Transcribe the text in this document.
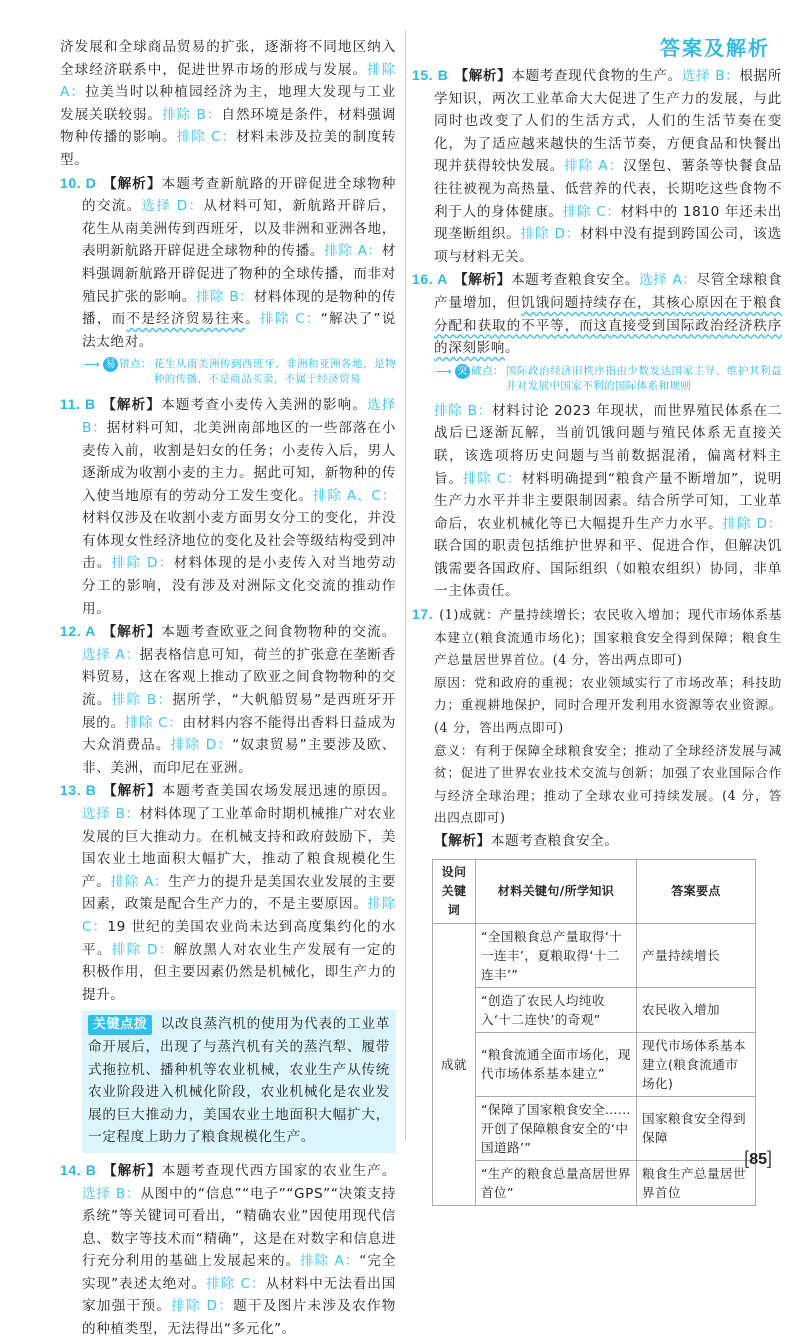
答案及解析

济发展和全球商品贸易的扩张，逐渐将不同地区纳入全球经济联系中，促进世界市场的形成与发展。排除 A：拉美当时以种植园经济为主，地理大发现与工业发展关联较弱。排除 B：自然环境是条件，材料强调物种传播的影响。排除 C：材料未涉及拉美的制度转型。

10. D 【解析】本题考查新航路的开辟促进全球物种的交流。选择 D：从材料可知，新航路开辟后，花生从南美洲传到西班牙，以及非洲和亚洲各地，表明新航路开辟促进全球物种的传播。排除 A：材料强调新航路开辟促进了物种的全球传播，而非对殖民扩张的影响。排除 B：材料体现的是物种的传播，而不是经济贸易往来。排除 C：“解决了”说法太绝对。

⟶ 易 错点： 花生从南美洲传到西班牙、非洲和亚洲各地，是物种的传播，不是商品买卖，不属于经济贸易
11. B 【解析】本题考查小麦传入美洲的影响。选择 B：据材料可知，北美洲南部地区的一些部落在小麦传入前，收割是妇女的任务；小麦传入后，男人逐渐成为收割小麦的主力。据此可知，新物种的传入使当地原有的劳动分工发生变化。排除 A、C：材料仅涉及在收割小麦方面男女分工的变化，并没有体现女性经济地位的变化及社会等级结构受到冲击。排除 D：材料体现的是小麦传入对当地劳动分工的影响，没有涉及对洲际文化交流的推动作用。

12. A 【解析】本题考查欧亚之间食物物种的交流。选择 A：据表格信息可知，荷兰的扩张意在垄断香料贸易，这在客观上推动了欧亚之间食物物种的交流。排除 B：据所学，“大帆船贸易”是西班牙开展的。排除 C：由材料内容不能得出香料日益成为大众消费品。排除 D：“奴隶贸易”主要涉及欧、非、美洲，而印尼在亚洲。

13. B 【解析】本题考查美国农场发展迅速的原因。选择 B：材料体现了工业革命时期机械推广对农业发展的巨大推动力。在机械支持和政府鼓励下，美国农业土地面积大幅扩大，推动了粮食规模化生产。排除 A：生产力的提升是美国农业发展的主要因素，政策是配合生产力的，不是主要原因。排除 C：19 世纪的美国农业尚未达到高度集约化的水平。排除 D：解放黑人对农业生产发展有一定的积极作用，但主要因素仍然是机械化，即生产力的提升。

关键点拨 以改良蒸汽机的使用为代表的工业革命开展后，出现了与蒸汽机有关的蒸汽犁、履带式拖拉机、播种机等农业机械，农业生产从传统农业阶段进入机械化阶段，农业机械化是农业发展的巨大推动力，美国农业土地面积大幅扩大，一定程度上助力了粮食规模化生产。
14. B 【解析】本题考查现代西方国家的农业生产。选择 B：从图中的“信息”“电子”“GPS”“决策支持系统”等关键词可看出，“精确农业”因使用现代信息、数字等技术而“精确”，这是在对数字和信息进行充分利用的基础上发展起来的。排除 A：“完全实现”表述太绝对。排除 C：从材料中无法看出国家加强干预。排除 D：题干及图片未涉及农作物的种植类型，无法得出“多元化”。

15. B 【解析】本题考查现代食物的生产。选择 B：根据所学知识，两次工业革命大大促进了生产力的发展，与此同时也改变了人们的生活方式，人们的生活节奏在变化，为了适应越来越快的生活节奏，方便食品和快餐出现并获得较快发展。排除 A：汉堡包、薯条等快餐食品往往被视为高热量、低营养的代表，长期吃这些食物不利于人的身体健康。排除 C：材料中的 1810 年还未出现垄断组织。排除 D：材料中没有提到跨国公司，该选项与材料无关。

16. A 【解析】本题考查粮食安全。选择 A：尽管全球粮食产量增加，但饥饿问题持续存在，其核心原因在于粮食分配和获取的不平等，而这直接受到国际政治经济秩序的深刻影响。

⟶ 突 破点： 国际政治经济旧秩序指由少数发达国家主导、维护其利益并对发展中国家不利的国际体系和规则

排除 B：材料讨论 2023 年现状，而世界殖民体系在二战后已逐渐瓦解，当前饥饿问题与殖民体系无直接关联，该选项将历史问题与当前数据混淆，偏离材料主旨。排除 C：材料明确提到“粮食产量不断增加”，说明生产力水平并非主要限制因素。结合所学可知，工业革命后，农业机械化等已大幅提升生产力水平。排除 D：联合国的职责包括维护世界和平、促进合作，但解决饥饿需要各国政府、国际组织（如粮农组织）协同，非单一主体责任。

17. (1)成就：产量持续增长；农民收入增加；现代市场体系基本建立(粮食流通市场化)；国家粮食安全得到保障；粮食生产总量居世界首位。(4 分，答出两点即可)

原因：党和政府的重视；农业领域实行了市场改革；科技助力；重视耕地保护，同时合理开发利用水资源等农业资源。(4 分，答出两点即可)

意义：有利于保障全球粮食安全；推动了全球经济发展与减贫；促进了世界农业技术交流与创新；加强了农业国际合作与经济全球治理；推动了全球农业可持续发展。(4 分，答出四点即可)

【解析】本题考查粮食安全。

设问关键词	材料关键句/所学知识	答案要点
成就	“全国粮食总产量取得‘十一连丰’，夏粮取得‘十二连丰’”	产量持续增长
	“创造了农民人均纯收入‘十二连快’的奇观”	农民收入增加
	“粮食流通全面市场化，现代市场体系基本建立”	现代市场体系基本建立(粮食流通市场化)
	“保障了国家粮食安全……开创了保障粮食安全的‘中国道路’”	国家粮食安全得到保障
	“生产的粮食总量高居世界首位”	粮食生产总量居世界首位
[85]
